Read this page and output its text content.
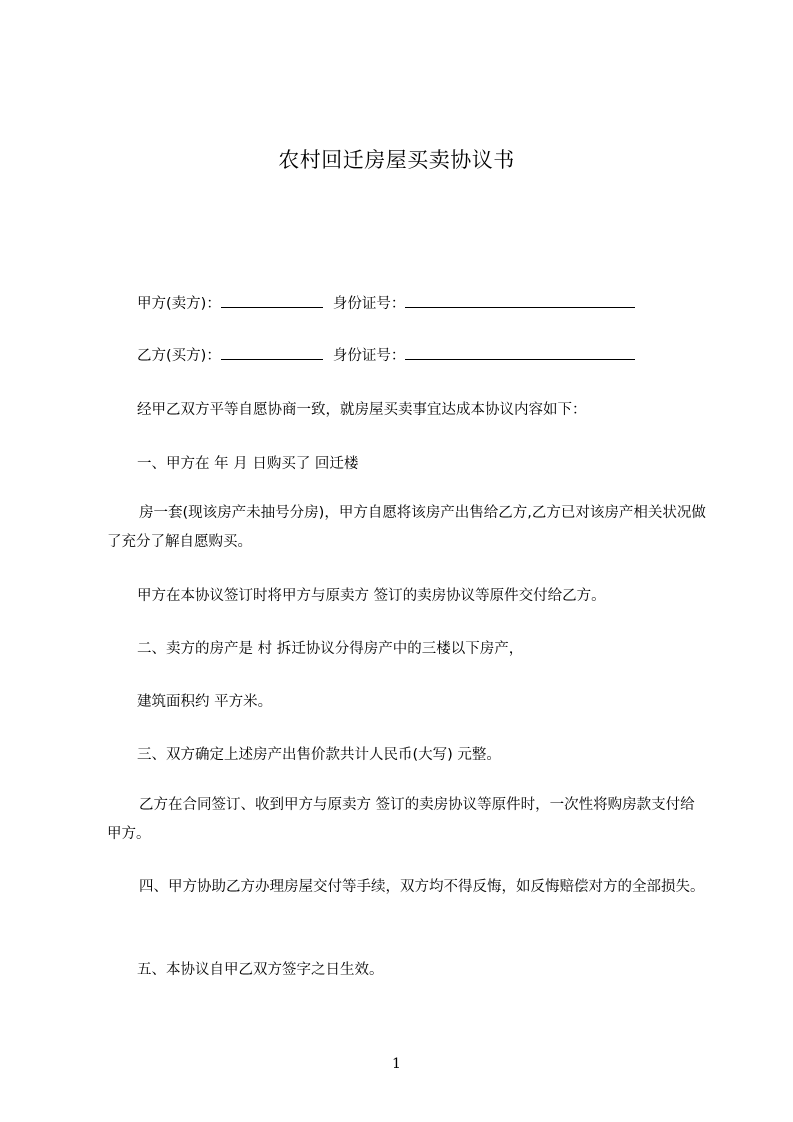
农村回迁房屋买卖协议书
甲方(卖方)：	身份证号：
乙方(买方)：	身份证号：
经甲乙双方平等自愿协商一致，就房屋买卖事宜达成本协议内容如下：
一、甲方在 年 月 日购买了 回迁楼
房一套(现该房产未抽号分房)，甲方自愿将该房产出售给乙方,乙方已对该房产相关状况做了充分了解自愿购买。
甲方在本协议签订时将甲方与原卖方 签订的卖房协议等原件交付给乙方。
二、卖方的房产是 村 拆迁协议分得房产中的三楼以下房产，
建筑面积约 平方米。
三、双方确定上述房产出售价款共计人民币(大写) 元整。
乙方在合同签订、收到甲方与原卖方 签订的卖房协议等原件时，一次性将购房款支付给甲方。
四、甲方协助乙方办理房屋交付等手续，双方均不得反悔，如反悔赔偿对方的全部损失。
五、本协议自甲乙双方签字之日生效。
1
